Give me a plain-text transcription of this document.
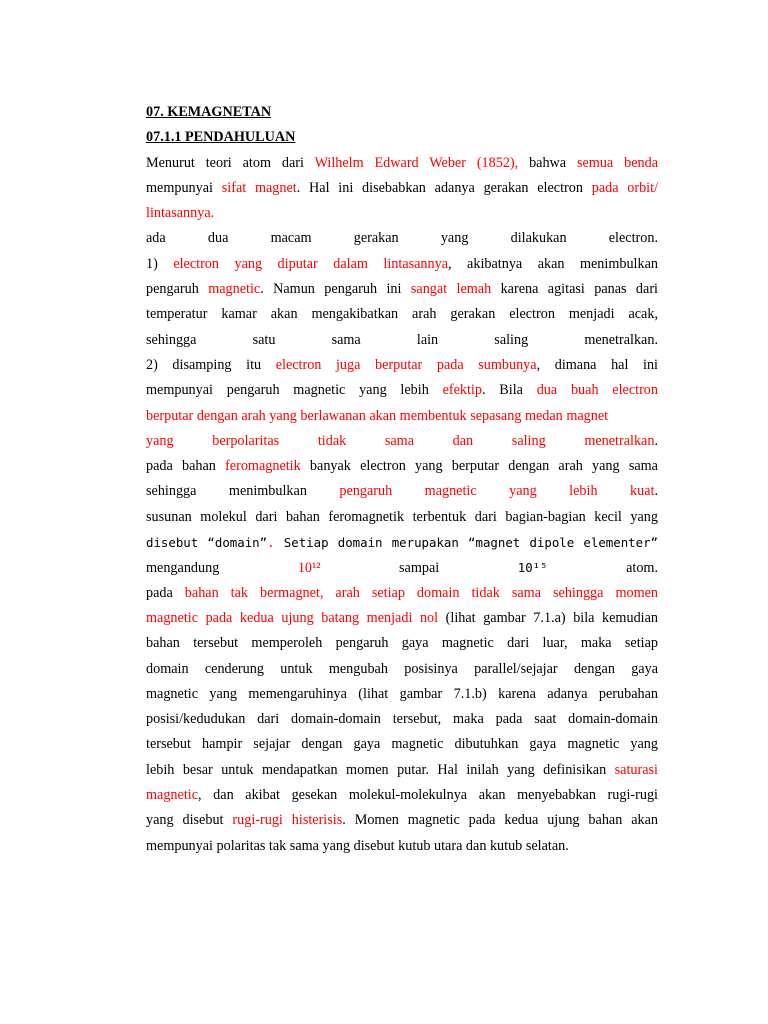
07. KEMAGNETAN
07.1.1 PENDAHULUAN
Menurut teori atom dari Wilhelm Edward Weber (1852), bahwa semua benda
mempunyai sifat magnet. Hal ini disebabkan adanya gerakan electron pada orbit/
lintasannya.
ada dua macam gerakan yang dilakukan electron.
1) electron yang diputar dalam lintasannya, akibatnya akan menimbulkan
pengaruh magnetic. Namun pengaruh ini sangat lemah karena agitasi panas dari
temperatur kamar akan mengakibatkan arah gerakan electron menjadi acak,
sehingga satu sama lain saling menetralkan.
2) disamping itu electron juga berputar pada sumbunya, dimana hal ini
mempunyai pengaruh magnetic yang lebih efektip. Bila dua buah electron
berputar dengan arah yang berlawanan akan membentuk sepasang medan magnet
yang berpolaritas tidak sama dan saling menetralkan.
pada bahan feromagnetik banyak electron yang berputar dengan arah yang sama
sehingga menimbulkan pengaruh magnetic yang lebih kuat.
susunan molekul dari bahan feromagnetik terbentuk dari bagian-bagian kecil yang
disebut “domain”. Setiap domain merupakan “magnet dipole elementer”
mengandung	10¹²	sampai	10¹⁵	atom.
pada bahan tak bermagnet, arah setiap domain tidak sama sehingga momen
magnetic pada kedua ujung batang menjadi nol (lihat gambar 7.1.a) bila kemudian
bahan tersebut memperoleh pengaruh gaya magnetic dari luar, maka setiap
domain cenderung untuk mengubah posisinya parallel/sejajar dengan gaya
magnetic yang memengaruhinya (lihat gambar 7.1.b) karena adanya perubahan
posisi/kedudukan dari domain-domain tersebut, maka pada saat domain-domain
tersebut hampir sejajar dengan gaya magnetic dibutuhkan gaya magnetic yang
lebih besar untuk mendapatkan momen putar. Hal inilah yang definisikan saturasi
magnetic, dan akibat gesekan molekul-molekulnya akan menyebabkan rugi-rugi
yang disebut rugi-rugi histerisis. Momen magnetic pada kedua ujung bahan akan
mempunyai polaritas tak sama yang disebut kutub utara dan kutub selatan.
